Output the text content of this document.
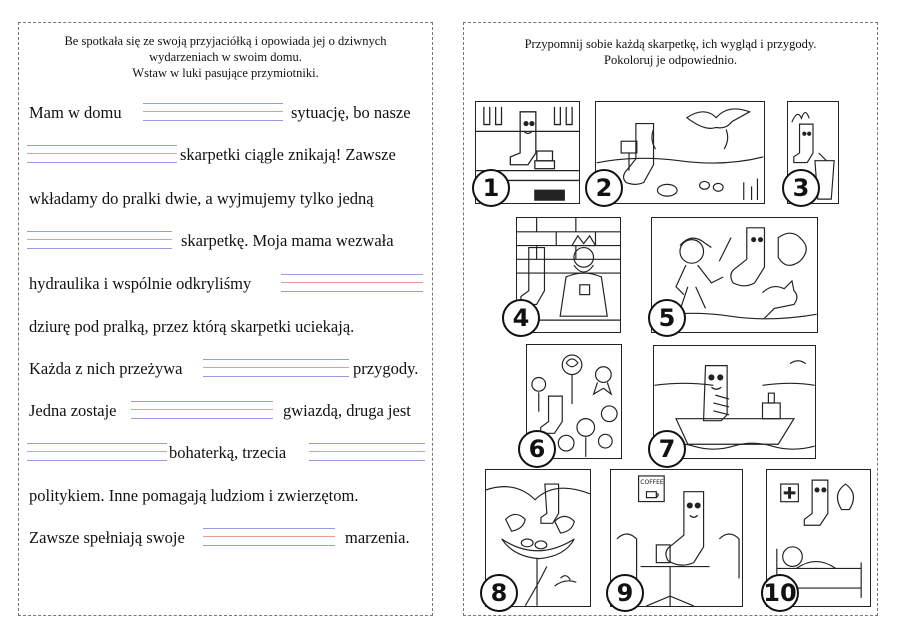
Be spotkała się ze swoją przyjaciółką i opowiada jej o dziwnych
wydarzeniach w swoim domu.
Wstaw w luki pasujące przymiotniki.
Mam w domu	sytuację, bo nasze
skarpetki ciągle znikają! Zawsze
wkładamy do pralki dwie, a wyjmujemy tylko jedną
skarpetkę. Moja mama wezwała
hydraulika i wspólnie odkryliśmy
dziurę pod pralką, przez którą skarpetki uciekają.
Każda z nich przeżywa	przygody.
Jedna zostaje	gwiazdą, druga jest
bohaterką, trzecia
politykiem. Inne pomagają ludziom i zwierzętom.
Zawsze spełniają swoje	marzenia.
Przypomnij sobie każdą skarpetkę, ich wygląd i przygody.
Pokoloruj je odpowiednio.
1	2	3
4	5
6	7
8
COFFEE
9	10
